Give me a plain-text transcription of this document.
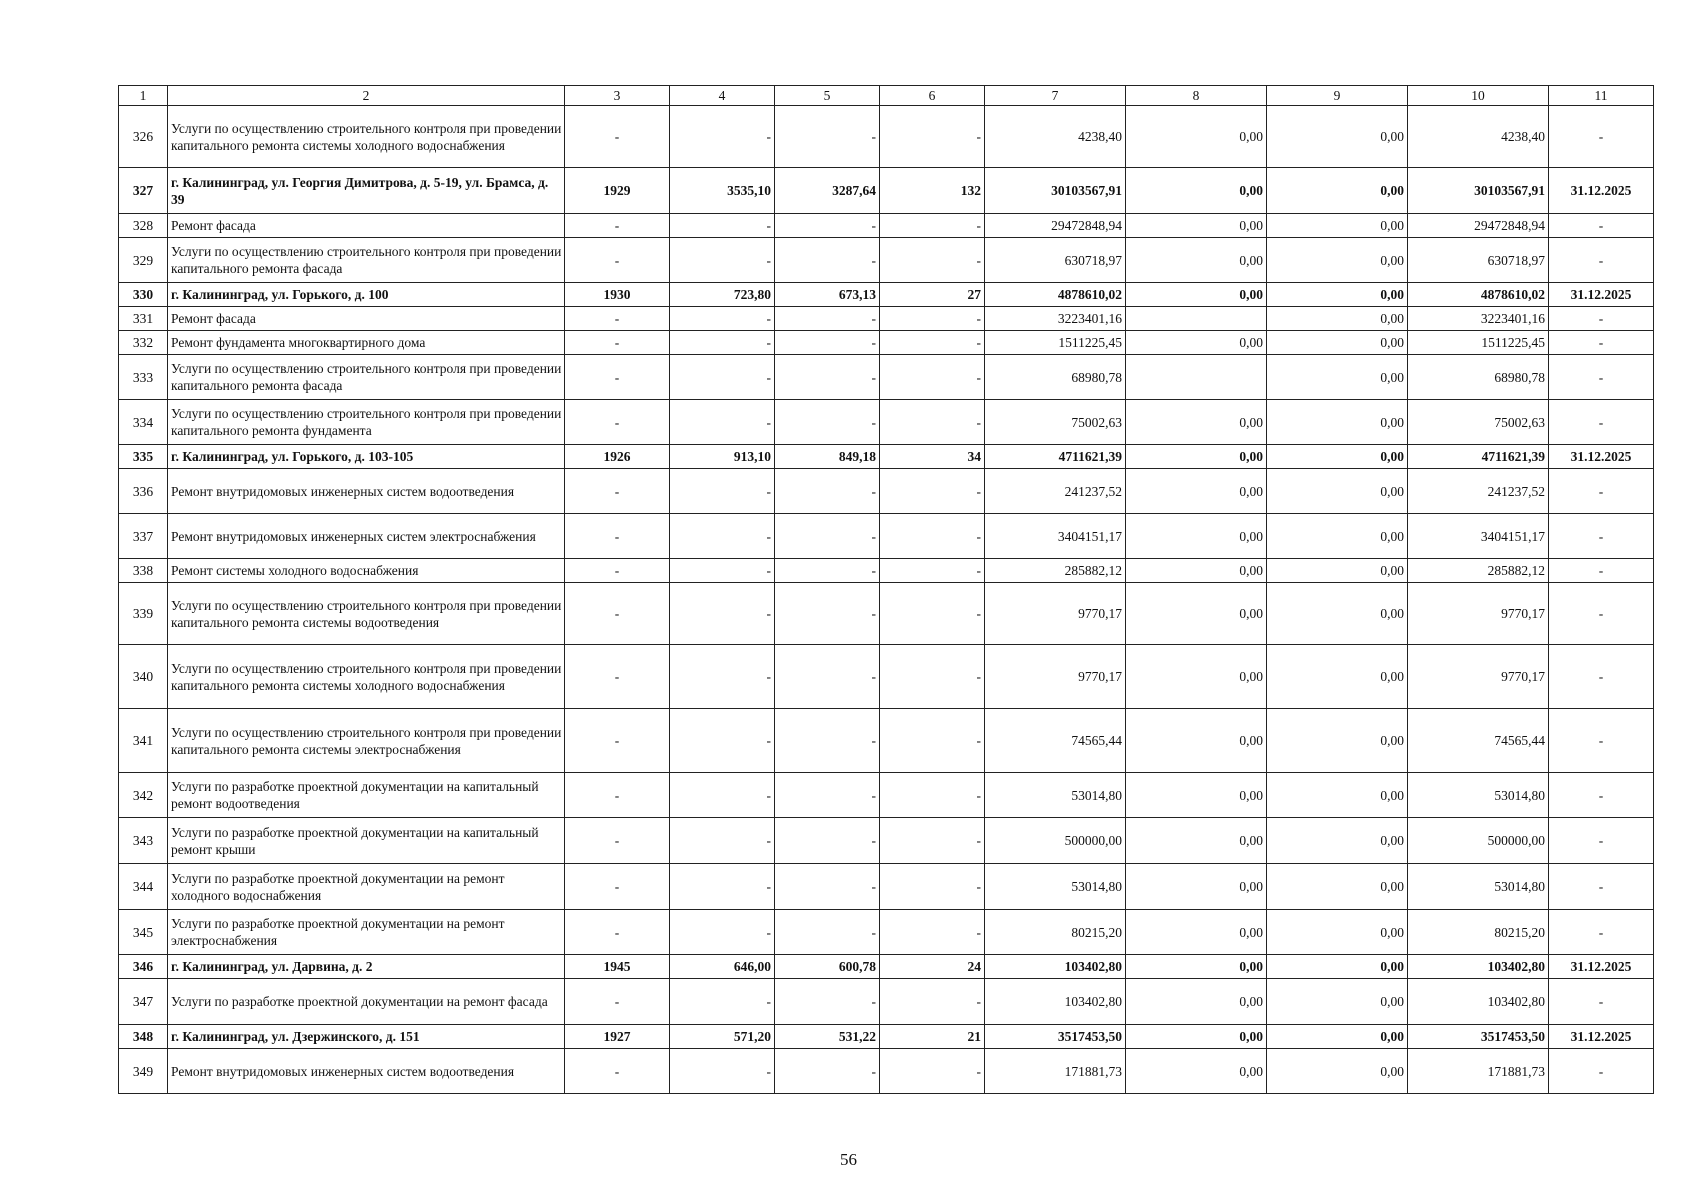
1	2	3	4	5	6	7	8	9	10	11
326	Услуги по осуществлению строительного контроля при проведении капитального ремонта системы холодного водоснабжения	-	-	-	-	4238,40	0,00	0,00	4238,40	-
327	г. Калининград, ул. Георгия Димитрова, д. 5-19, ул. Брамса, д. 39	1929	3535,10	3287,64	132	30103567,91	0,00	0,00	30103567,91	31.12.2025
328	Ремонт фасада	-	-	-	-	29472848,94	0,00	0,00	29472848,94	-
329	Услуги по осуществлению строительного контроля при проведении капитального ремонта фасада	-	-	-	-	630718,97	0,00	0,00	630718,97	-
330	г. Калининград, ул. Горького, д. 100	1930	723,80	673,13	27	4878610,02	0,00	0,00	4878610,02	31.12.2025
331	Ремонт фасада	-	-	-	-	3223401,16		0,00	3223401,16	-
332	Ремонт фундамента многоквартирного дома	-	-	-	-	1511225,45	0,00	0,00	1511225,45	-
333	Услуги по осуществлению строительного контроля при проведении капитального ремонта фасада	-	-	-	-	68980,78		0,00	68980,78	-
334	Услуги по осуществлению строительного контроля при проведении капитального ремонта фундамента	-	-	-	-	75002,63	0,00	0,00	75002,63	-
335	г. Калининград, ул. Горького, д. 103-105	1926	913,10	849,18	34	4711621,39	0,00	0,00	4711621,39	31.12.2025
336	Ремонт внутридомовых инженерных систем водоотведения	-	-	-	-	241237,52	0,00	0,00	241237,52	-
337	Ремонт внутридомовых инженерных систем электроснабжения	-	-	-	-	3404151,17	0,00	0,00	3404151,17	-
338	Ремонт системы холодного водоснабжения	-	-	-	-	285882,12	0,00	0,00	285882,12	-
339	Услуги по осуществлению строительного контроля при проведении капитального ремонта системы водоотведения	-	-	-	-	9770,17	0,00	0,00	9770,17	-
340	Услуги по осуществлению строительного контроля при проведении капитального ремонта системы холодного водоснабжения	-	-	-	-	9770,17	0,00	0,00	9770,17	-
341	Услуги по осуществлению строительного контроля при проведении капитального ремонта системы электроснабжения	-	-	-	-	74565,44	0,00	0,00	74565,44	-
342	Услуги по разработке проектной документации на капитальный ремонт водоотведения	-	-	-	-	53014,80	0,00	0,00	53014,80	-
343	Услуги по разработке проектной документации на капитальный ремонт крыши	-	-	-	-	500000,00	0,00	0,00	500000,00	-
344	Услуги по разработке проектной документации на ремонт холодного водоснабжения	-	-	-	-	53014,80	0,00	0,00	53014,80	-
345	Услуги по разработке проектной документации на ремонт электроснабжения	-	-	-	-	80215,20	0,00	0,00	80215,20	-
346	г. Калининград, ул. Дарвина, д. 2	1945	646,00	600,78	24	103402,80	0,00	0,00	103402,80	31.12.2025
347	Услуги по разработке проектной документации на ремонт фасада	-	-	-	-	103402,80	0,00	0,00	103402,80	-
348	г. Калининград, ул. Дзержинского, д. 151	1927	571,20	531,22	21	3517453,50	0,00	0,00	3517453,50	31.12.2025
349	Ремонт внутридомовых инженерных систем водоотведения	-	-	-	-	171881,73	0,00	0,00	171881,73	-
56
